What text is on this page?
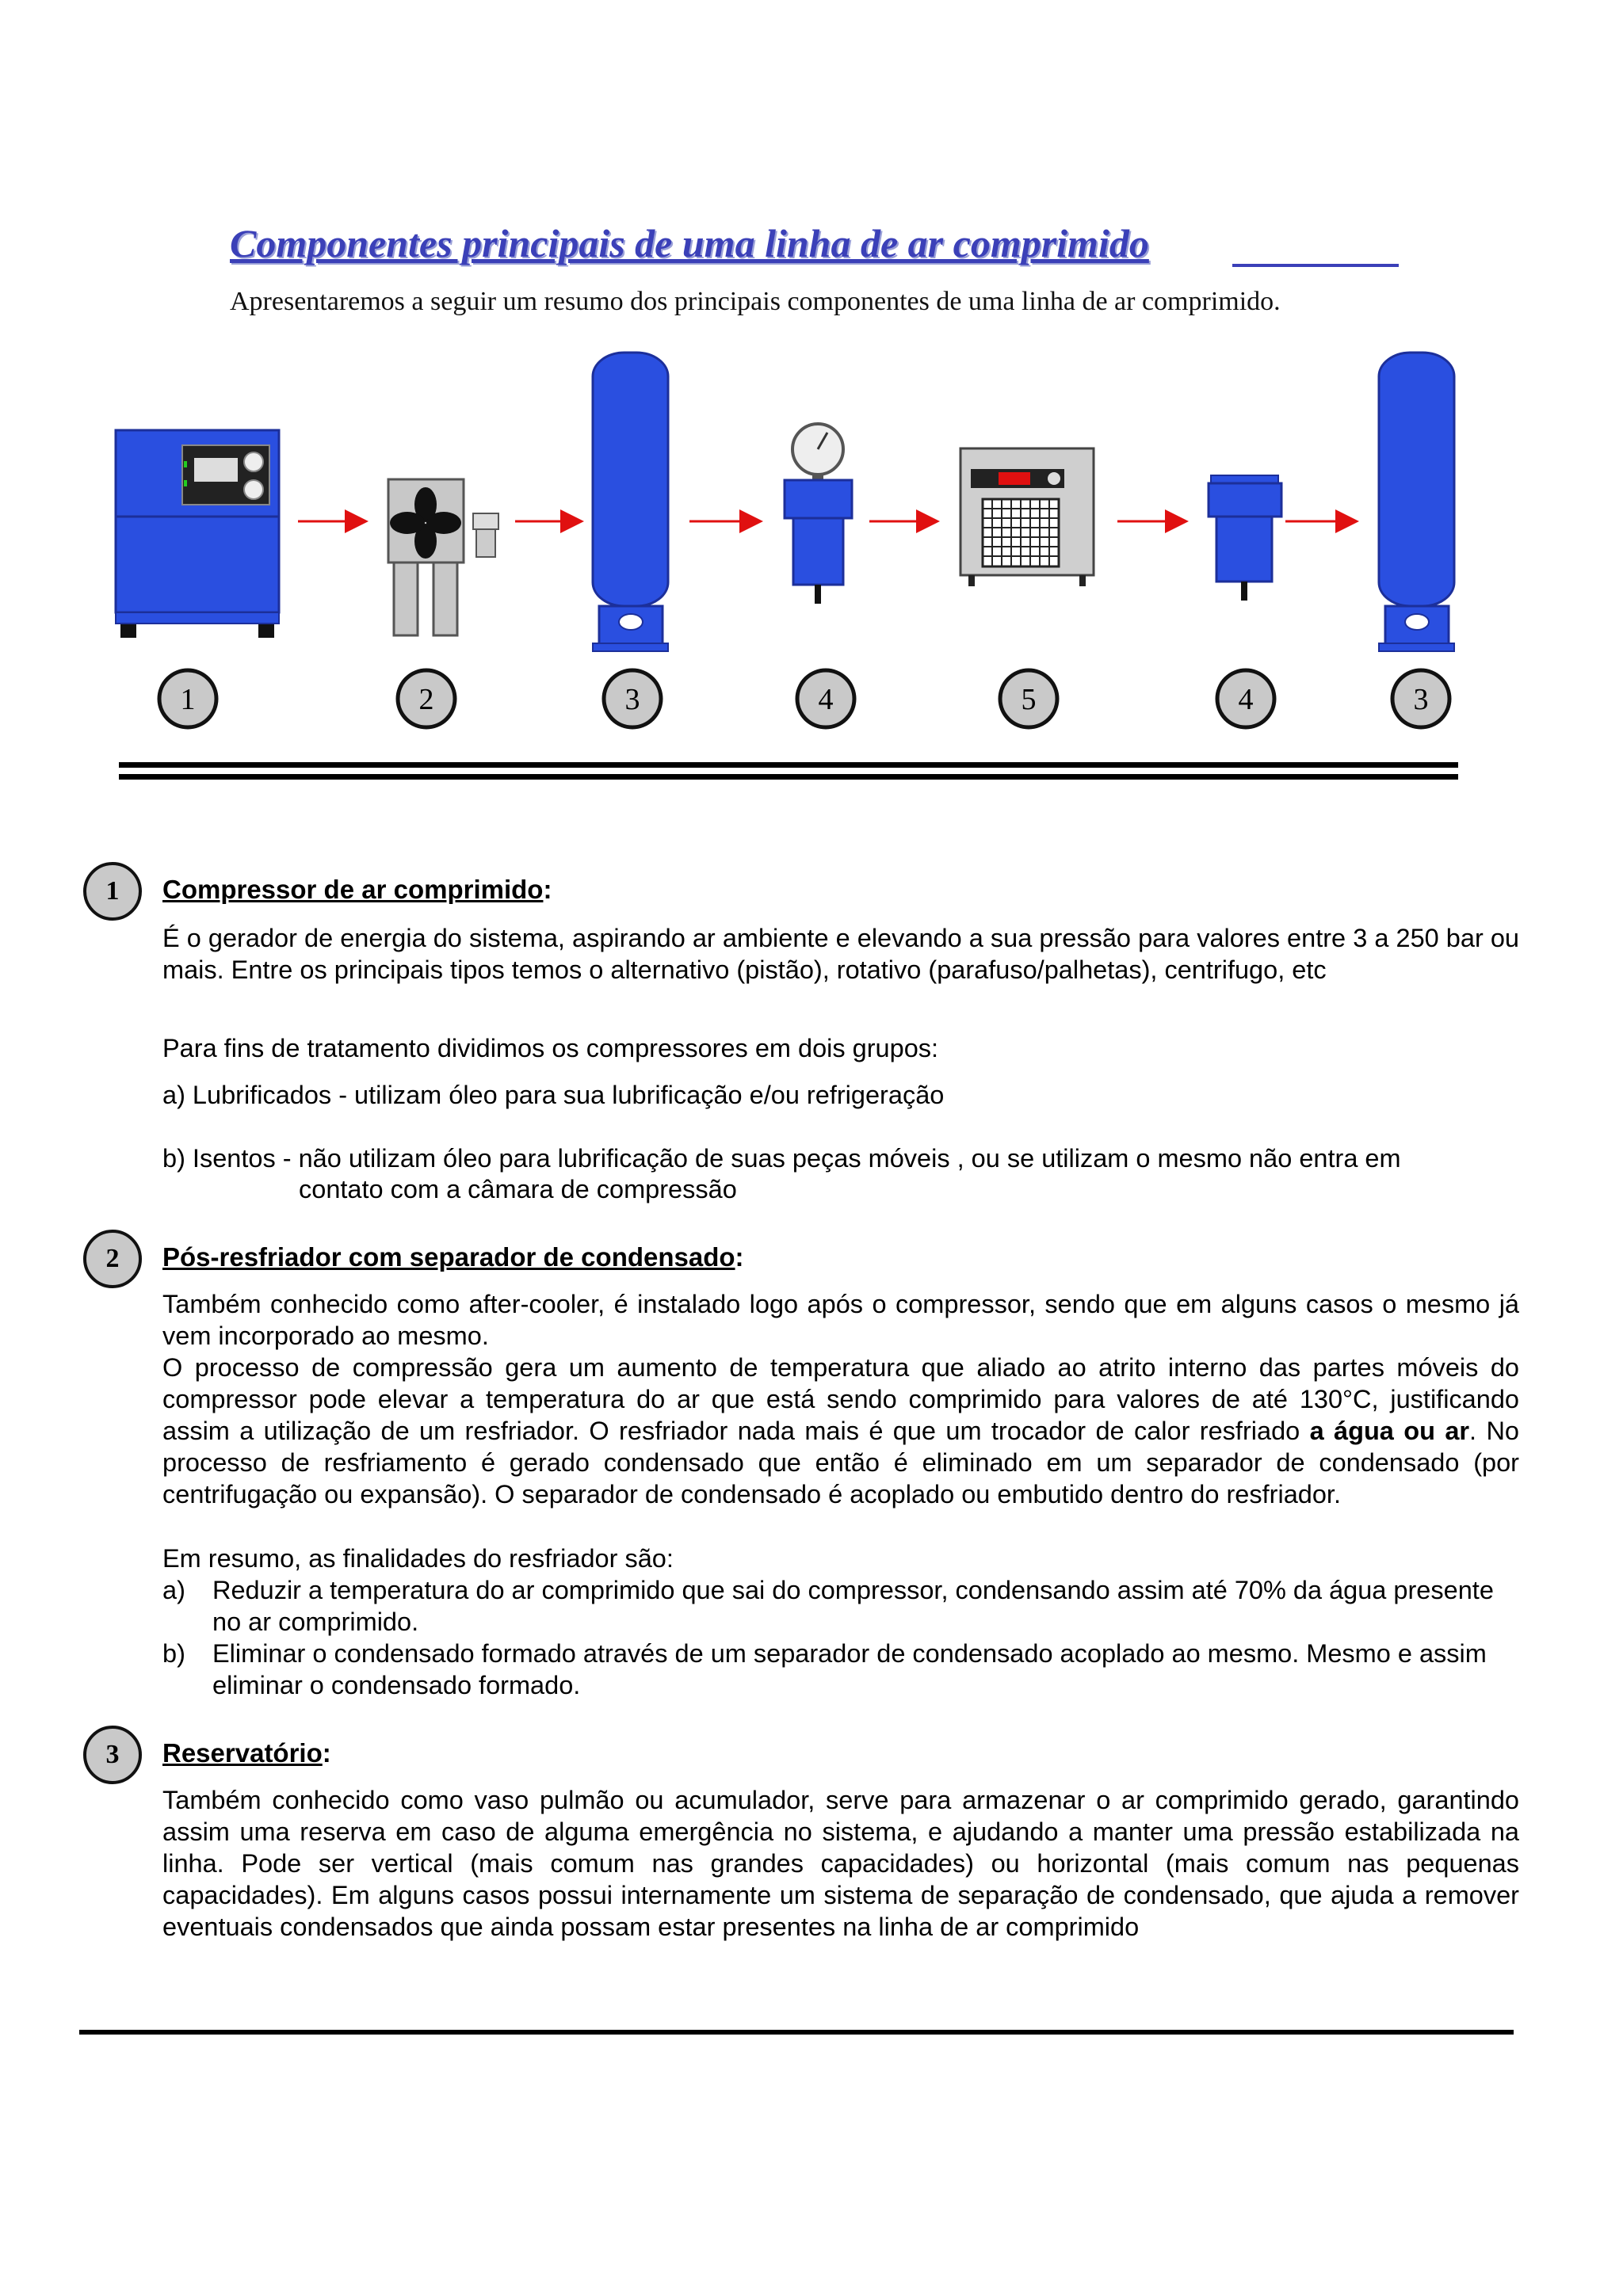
Componentes principais de uma linha de ar comprimido
Apresentaremos a seguir um resumo dos principais componentes de uma linha de ar comprimido.
1	2	3	4	5	4	3
1	Compressor de ar comprimido:

É o gerador de energia do sistema, aspirando ar ambiente e elevando a sua pressão para valores entre 3 a 250 bar ou mais. Entre os principais tipos temos o alternativo (pistão), rotativo (parafuso/palhetas), centrifugo, etc

Para fins de tratamento dividimos os compressores em dois grupos:
a) Lubrificados - utilizam óleo para sua lubrificação e/ou refrigeração
b) Isentos - não utilizam óleo para lubrificação de suas peças móveis , ou se utilizam o mesmo não entra em
contato com a câmara de compressão
2	Pós-resfriador com separador de condensado:

Também conhecido como after-cooler, é instalado logo após o compressor, sendo que em alguns casos o mesmo já vem incorporado ao mesmo.

O processo de compressão gera um aumento de temperatura que aliado ao atrito interno das partes móveis do compressor pode elevar a temperatura do ar que está sendo comprimido para valores de até 130°C, justificando assim a utilização de um resfriador. O resfriador nada mais é que um trocador de calor resfriado a água ou ar. No processo de resfriamento é gerado condensado que então é eliminado em um separador de condensado (por centrifugação ou expansão). O separador de condensado é acoplado ou embutido dentro do resfriador.

Em resumo, as finalidades do resfriador são:
a) Reduzir a temperatura do ar comprimido que sai do compressor, condensando assim até 70% da água presente no ar comprimido.
b) Eliminar o condensado formado através de um separador de condensado acoplado ao mesmo. Mesmo e assim eliminar o condensado formado.
3	Reservatório:

Também conhecido como vaso pulmão ou acumulador, serve para armazenar o ar comprimido gerado, garantindo assim uma reserva em caso de alguma emergência no sistema, e ajudando a manter uma pressão estabilizada na linha. Pode ser vertical (mais comum nas grandes capacidades) ou horizontal (mais comum nas pequenas capacidades). Em alguns casos possui internamente um sistema de separação de condensado, que ajuda a remover eventuais condensados que ainda possam estar presentes na linha de ar comprimido
